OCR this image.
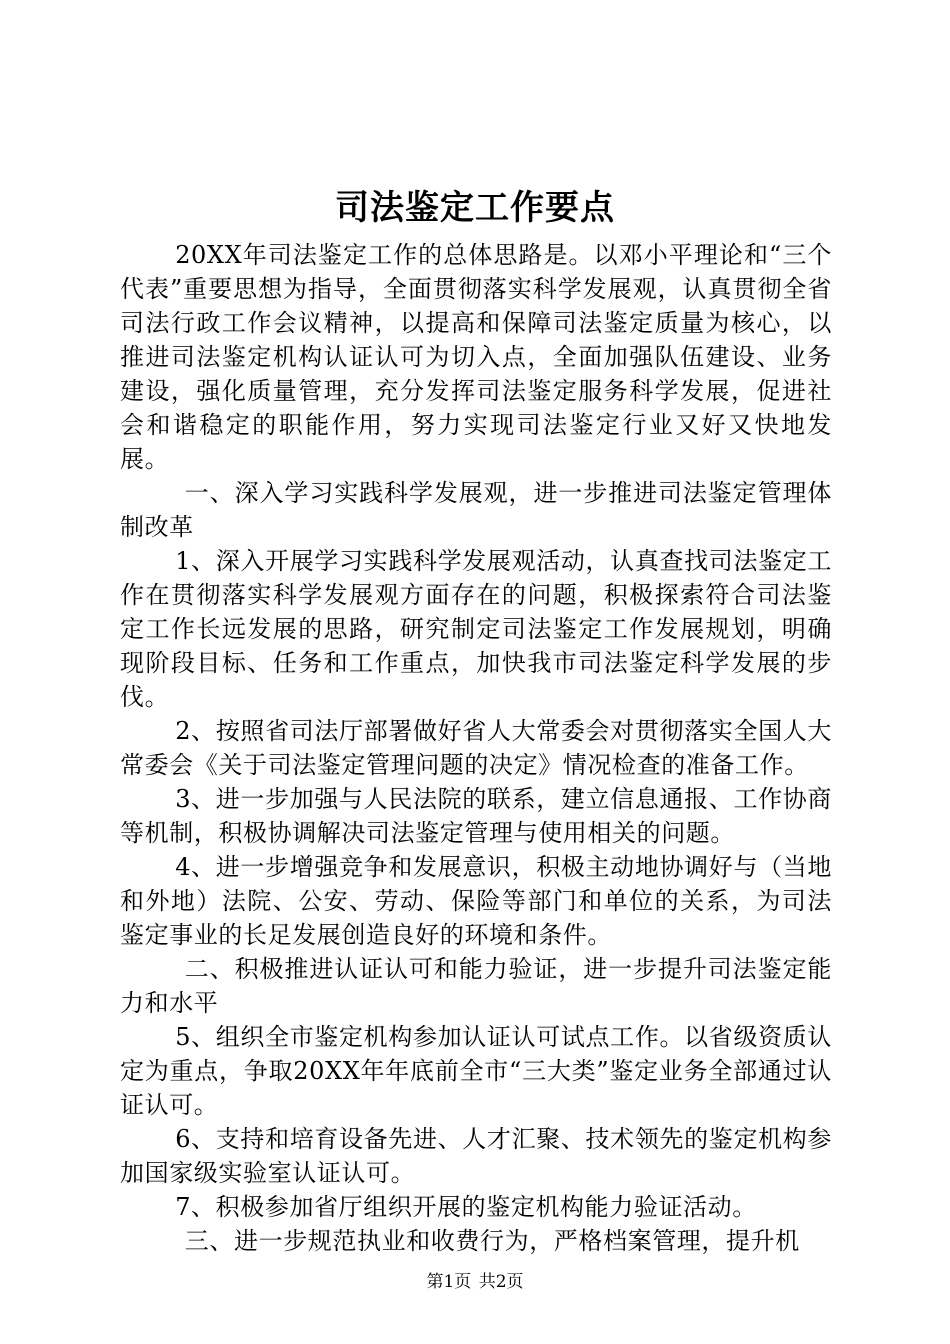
司法鉴定工作要点

20XX年司法鉴定工作的总体思路是。以邓小平理论和“三个代表”重要思想为指导，全面贯彻落实科学发展观，认真贯彻全省司法行政工作会议精神，以提高和保障司法鉴定质量为核心，以推进司法鉴定机构认证认可为切入点，全面加强队伍建设、业务建设，强化质量管理，充分发挥司法鉴定服务科学发展，促进社会和谐稳定的职能作用，努力实现司法鉴定行业又好又快地发展。

一、深入学习实践科学发展观，进一步推进司法鉴定管理体制改革

1、深入开展学习实践科学发展观活动，认真查找司法鉴定工作在贯彻落实科学发展观方面存在的问题，积极探索符合司法鉴定工作长远发展的思路，研究制定司法鉴定工作发展规划，明确现阶段目标、任务和工作重点，加快我市司法鉴定科学发展的步伐。

2、按照省司法厅部署做好省人大常委会对贯彻落实全国人大常委会《关于司法鉴定管理问题的决定》情况检查的准备工作。

3、进一步加强与人民法院的联系，建立信息通报、工作协商等机制，积极协调解决司法鉴定管理与使用相关的问题。

4、进一步增强竞争和发展意识，积极主动地协调好与（当地和外地）法院、公安、劳动、保险等部门和单位的关系，为司法鉴定事业的长足发展创造良好的环境和条件。

二、积极推进认证认可和能力验证，进一步提升司法鉴定能力和水平

5、组织全市鉴定机构参加认证认可试点工作。以省级资质认定为重点，争取20XX年年底前全市“三大类”鉴定业务全部通过认证认可。

6、支持和培育设备先进、人才汇聚、技术领先的鉴定机构参加国家级实验室认证认可。

7、积极参加省厅组织开展的鉴定机构能力验证活动。

三、进一步规范执业和收费行为，严格档案管理，提升机

第1页 共2页
